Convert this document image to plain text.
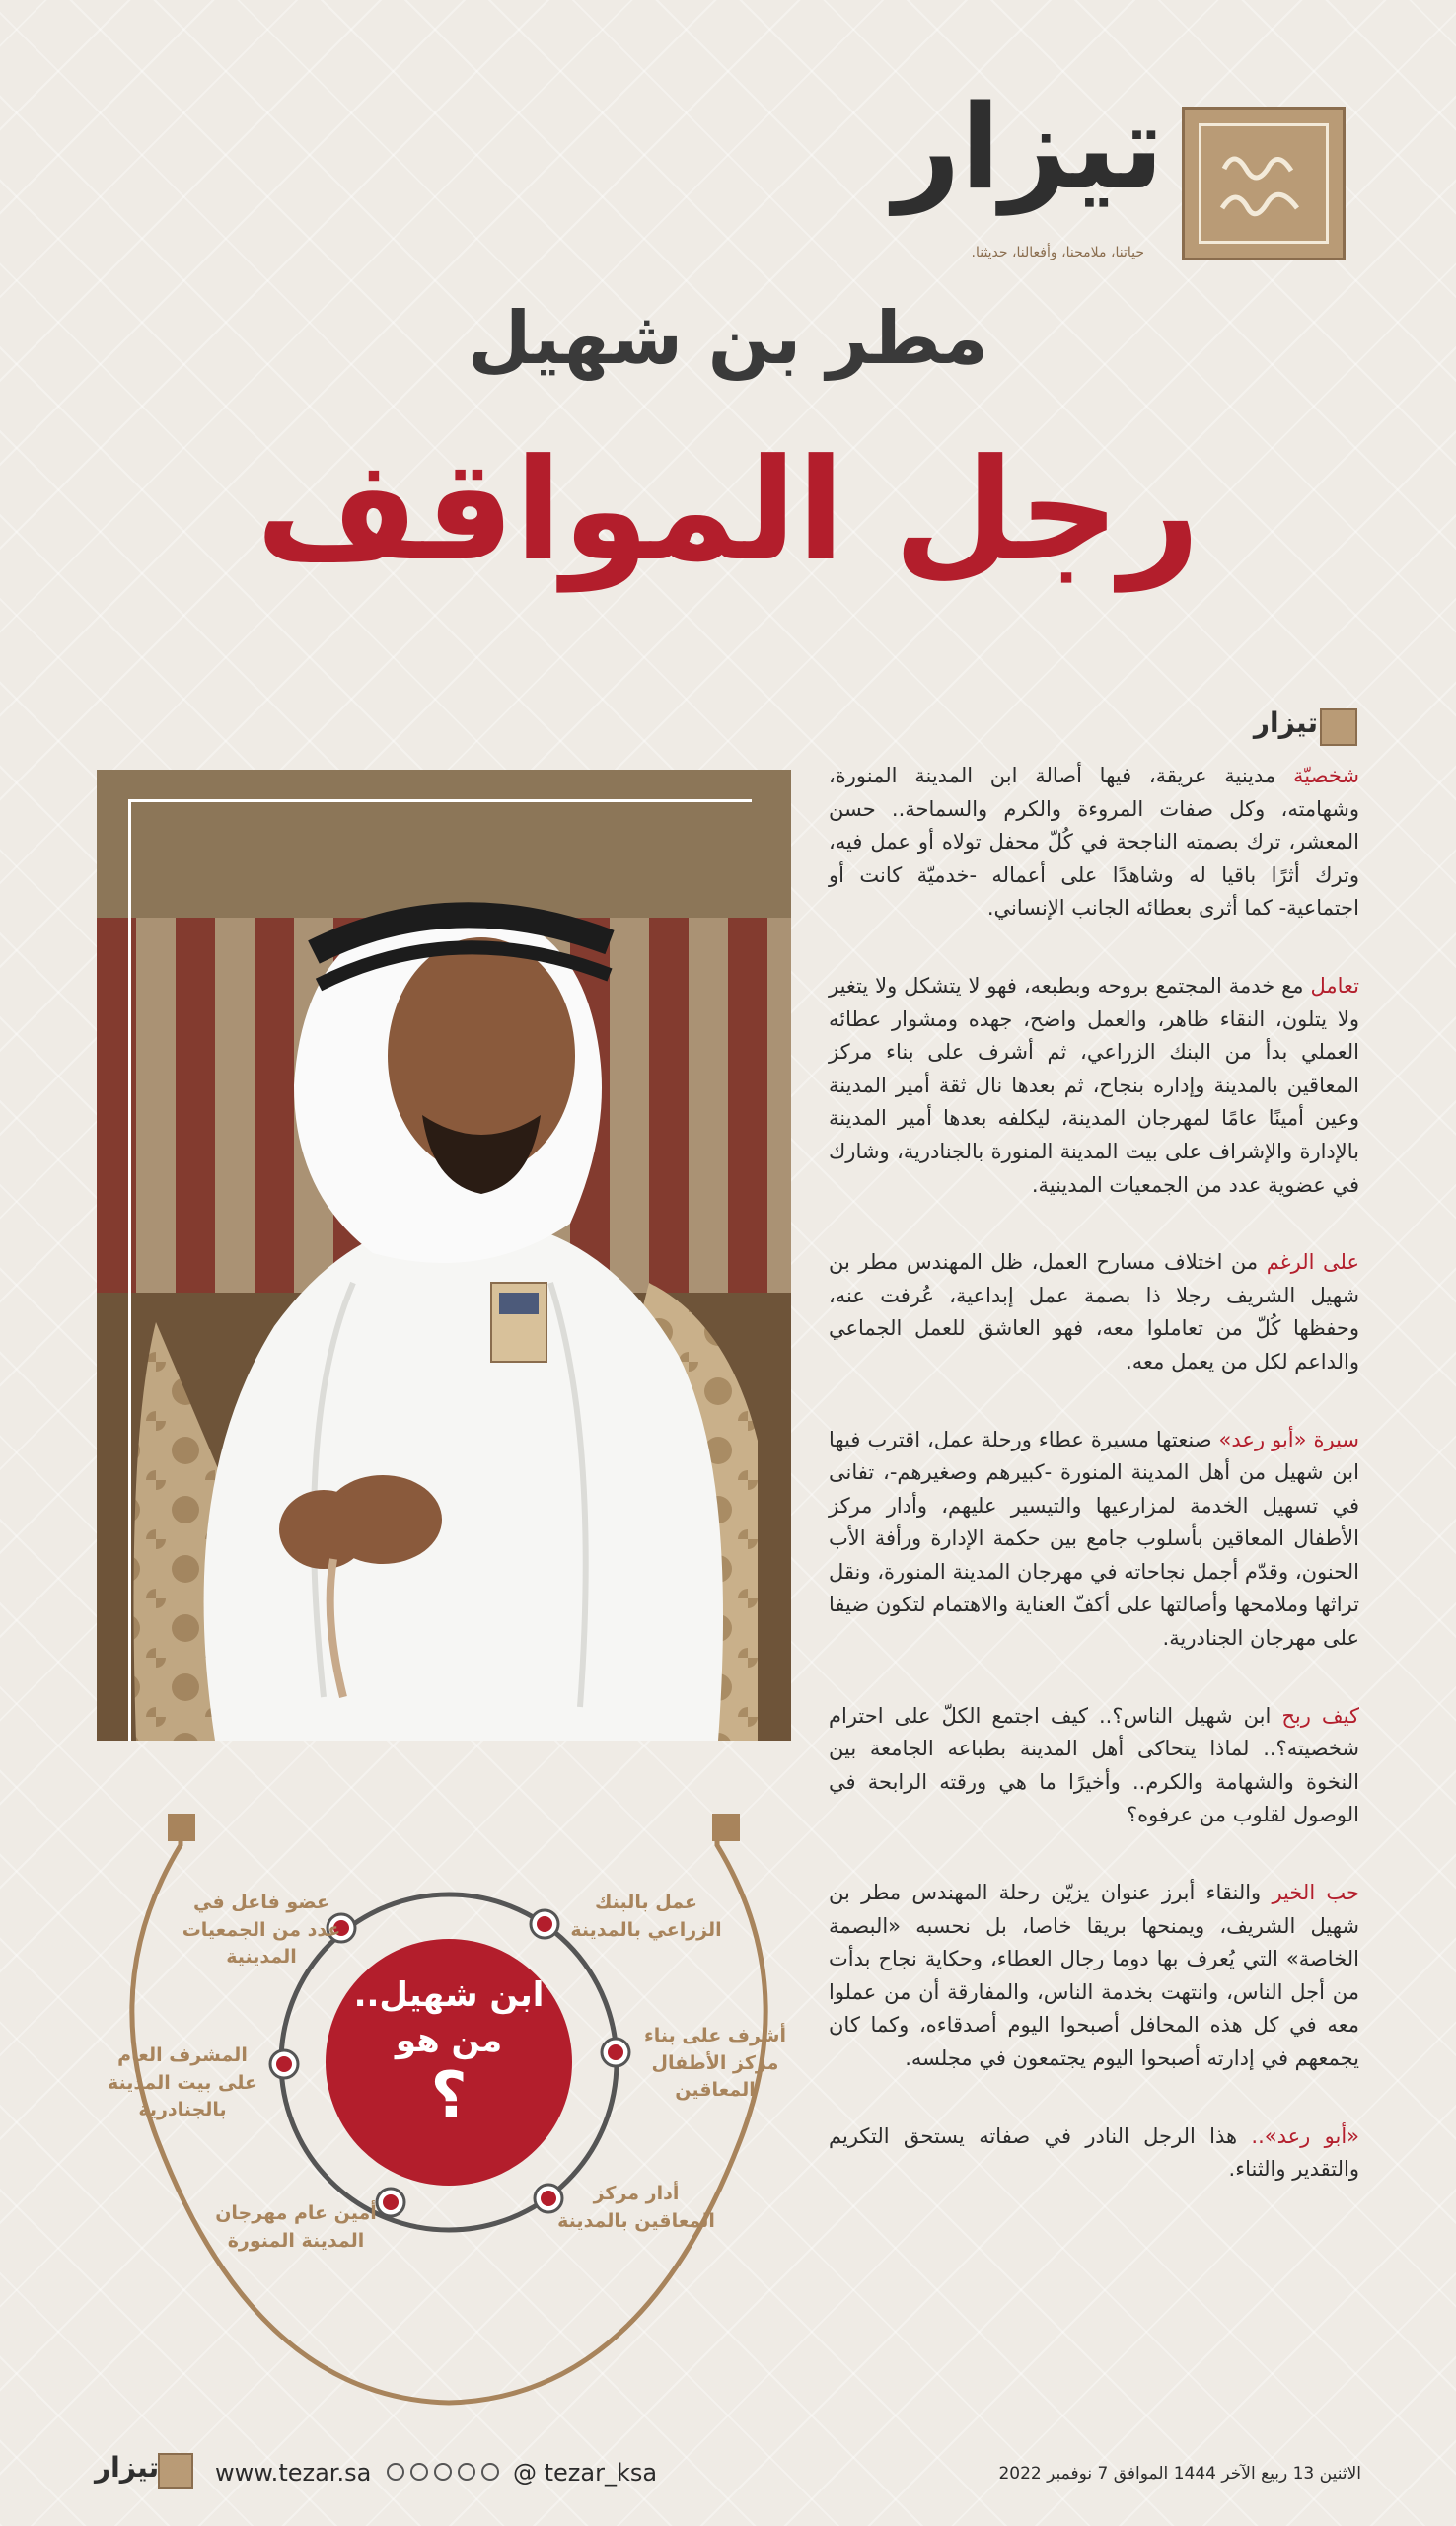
تيزار
حياتنا، ملامحنا، وأفعالنا، حديثنا.
مطر بن شهيل
رجل المواقف
تيزار

شخصيّة مدينية عريقة، فيها أصالة ابن المدينة المنورة، وشهامته، وكل صفات المروءة والكرم والسماحة.. حسن المعشر، ترك بصمته الناجحة في كُلّ محفل تولاه أو عمل فيه، وترك أثرًا باقيا له وشاهدًا على أعماله -خدميّة كانت أو اجتماعية- كما أثرى بعطائه الجانب الإنساني.

تعامل مع خدمة المجتمع بروحه وبطبعه، فهو لا يتشكل ولا يتغير ولا يتلون، النقاء ظاهر، والعمل واضح، جهده ومشوار عطائه العملي بدأ من البنك الزراعي، ثم أشرف على بناء مركز المعاقين بالمدينة وإداره بنجاح، ثم بعدها نال ثقة أمير المدينة وعين أمينًا عامًا لمهرجان المدينة، ليكلفه بعدها أمير المدينة بالإدارة والإشراف على بيت المدينة المنورة بالجنادرية، وشارك في عضوية عدد من الجمعيات المدينية.

على الرغم من اختلاف مسارح العمل، ظل المهندس مطر بن شهيل الشريف رجلا ذا بصمة عمل إبداعية، عُرفت عنه، وحفظها كُلّ من تعاملوا معه، فهو العاشق للعمل الجماعي والداعم لكل من يعمل معه.

سيرة «أبو رعد» صنعتها مسيرة عطاء ورحلة عمل، اقترب فيها ابن شهيل من أهل المدينة المنورة -كبيرهم وصغيرهم-، تفانى في تسهيل الخدمة لمزارعيها والتيسير عليهم، وأدار مركز الأطفال المعاقين بأسلوب جامع بين حكمة الإدارة ورأفة الأب الحنون، وقدّم أجمل نجاحاته في مهرجان المدينة المنورة، ونقل تراثها وملامحها وأصالتها على أكفّ العناية والاهتمام لتكون ضيفا على مهرجان الجنادرية.

كيف ربح ابن شهيل الناس؟.. كيف اجتمع الكلّ على احترام شخصيته؟.. لماذا يتحاكى أهل المدينة بطباعه الجامعة بين النخوة والشهامة والكرم.. وأخيرًا ما هي ورقته الرابحة في الوصول لقلوب من عرفوه؟

حب الخير والنقاء أبرز عنوان يزيّن رحلة المهندس مطر بن شهيل الشريف، ويمنحها بريقا خاصا، بل نحسبه «البصمة الخاصة» التي يُعرف بها دوما رجال العطاء، وحكاية نجاح بدأت من أجل الناس، وانتهت بخدمة الناس، والمفارقة أن من عملوا معه في كل هذه المحافل أصبحوا اليوم أصدقاءه، وكما كان يجمعهم في إدارته أصبحوا اليوم يجتمعون في مجلسه.

«أبو رعد».. هذا الرجل النادر في صفاته يستحق التكريم والتقدير والثناء.

ابن شهيل..
من هو
؟
عمل بالبنك الزراعي بالمدينة
أشرف على بناء مركز الأطفال المعاقين
أدار مركز المعاقين بالمدينة
أمين عام مهرجان المدينة المنورة
المشرف العام على بيت المدينة بالجنادرية
عضو فاعل في عدد من الجمعيات المدينية
الاثنين 13 ربيع الآخر 1444 الموافق 7 نوفمبر 2022
@ tezar_ksa
www.tezar.sa
تيزار
